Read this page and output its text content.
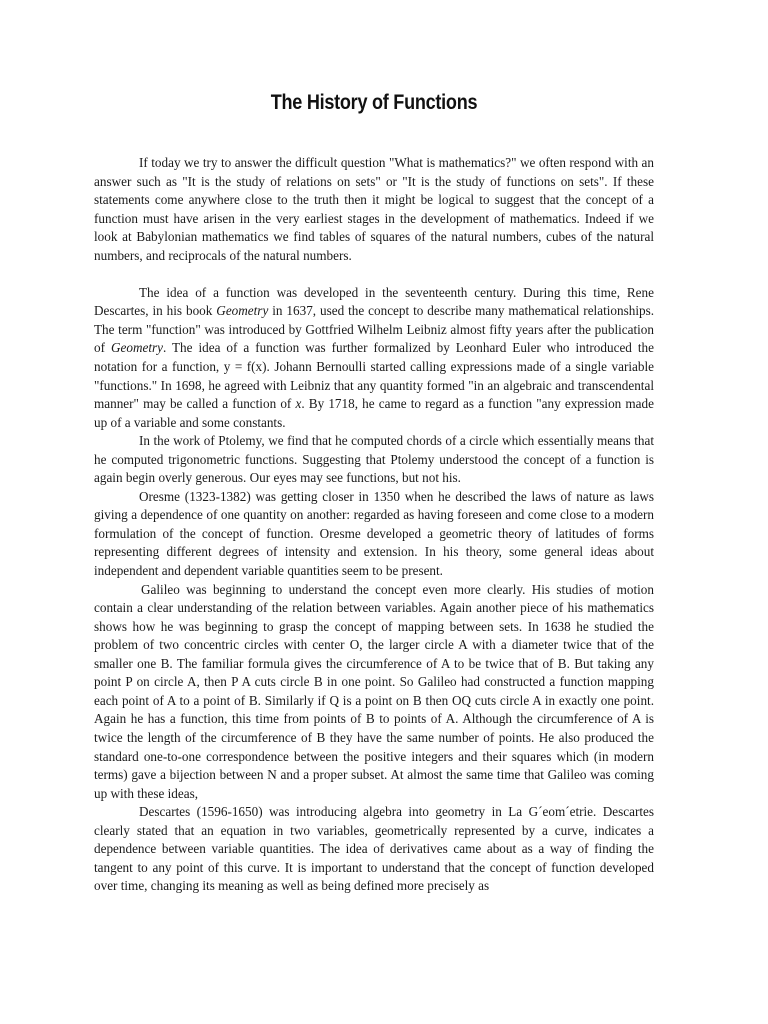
The History of Functions

If today we try to answer the difficult question "What is mathematics?" we often respond with an answer such as "It is the study of relations on sets" or "It is the study of functions on sets". If these statements come anywhere close to the truth then it might be logical to suggest that the concept of a function must have arisen in the very earliest stages in the development of mathematics. Indeed if we look at Babylonian mathematics we find tables of squares of the natural numbers, cubes of the natural numbers, and reciprocals of the natural numbers.

The idea of a function was developed in the seventeenth century. During this time, Rene Descartes, in his book Geometry in 1637, used the concept to describe many mathematical relationships. The term "function" was introduced by Gottfried Wilhelm Leibniz almost fifty years after the publication of Geometry. The idea of a function was further formalized by Leonhard Euler who introduced the notation for a function, y = f(x). Johann Bernoulli started calling expressions made of a single variable "functions." In 1698, he agreed with Leibniz that any quantity formed "in an algebraic and transcendental manner" may be called a function of x. By 1718, he came to regard as a function "any expression made up of a variable and some constants.

In the work of Ptolemy, we find that he computed chords of a circle which essentially means that he computed trigonometric functions. Suggesting that Ptolemy understood the concept of a function is again begin overly generous. Our eyes may see functions, but not his.

Oresme (1323-1382) was getting closer in 1350 when he described the laws of nature as laws giving a dependence of one quantity on another: regarded as having foreseen and come close to a modern formulation of the concept of function. Oresme developed a geometric theory of latitudes of forms representing different degrees of intensity and extension. In his theory, some general ideas about independent and dependent variable quantities seem to be present.

Galileo was beginning to understand the concept even more clearly. His studies of motion contain a clear understanding of the relation between variables. Again another piece of his mathematics shows how he was beginning to grasp the concept of mapping between sets. In 1638 he studied the problem of two concentric circles with center O, the larger circle A with a diameter twice that of the smaller one B. The familiar formula gives the circumference of A to be twice that of B. But taking any point P on circle A, then P A cuts circle B in one point. So Galileo had constructed a function mapping each point of A to a point of B. Similarly if Q is a point on B then OQ cuts circle A in exactly one point. Again he has a function, this time from points of B to points of A. Although the circumference of A is twice the length of the circumference of B they have the same number of points. He also produced the standard one-to-one correspondence between the positive integers and their squares which (in modern terms) gave a bijection between N and a proper subset. At almost the same time that Galileo was coming up with these ideas,

Descartes (1596-1650) was introducing algebra into geometry in La G´eom´etrie. Descartes clearly stated that an equation in two variables, geometrically represented by a curve, indicates a dependence between variable quantities. The idea of derivatives came about as a way of finding the tangent to any point of this curve. It is important to understand that the concept of function developed over time, changing its meaning as well as being defined more precisely as
